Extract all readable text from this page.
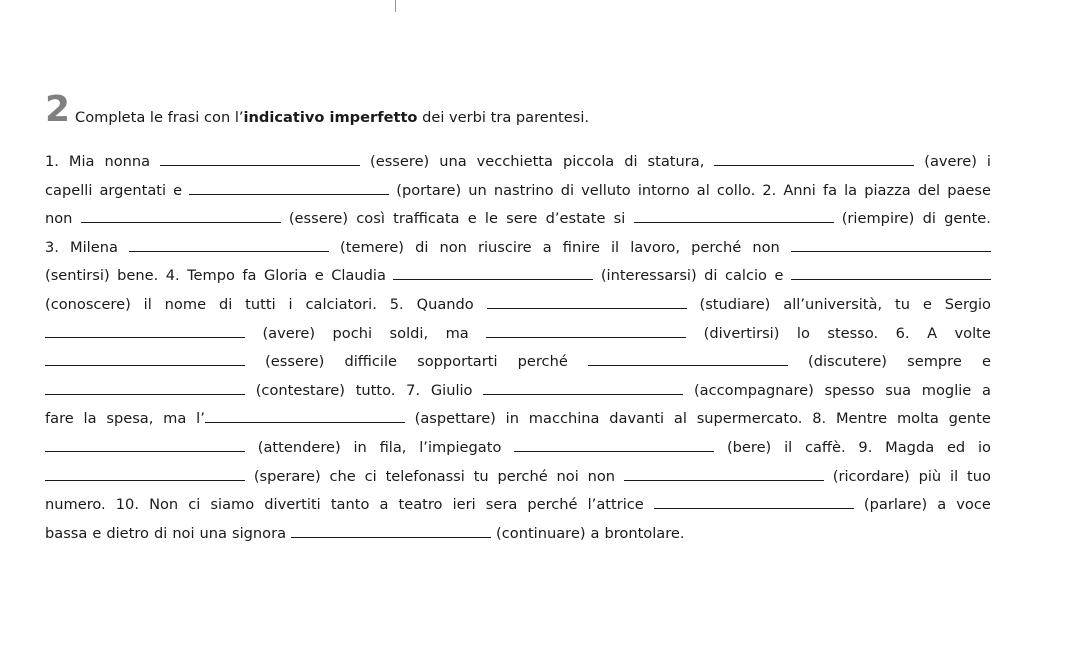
2 Completa le frasi con l’indicativo imperfetto dei verbi tra parentesi.
1. Mia nonna	(essere) una vecchietta piccola di statura,	(avere) i
capelli argentati e	(portare) un nastrino di velluto intorno al collo. 2. Anni fa la piazza del paese
non	(essere) così trafficata e le sere d’estate si	(riempire) di gente.
3. Milena	(temere) di non riuscire a finire il lavoro, perché non
(sentirsi) bene. 4. Tempo fa Gloria e Claudia	(interessarsi) di calcio e
(conoscere) il nome di tutti i calciatori. 5. Quando	(studiare) all’università, tu e Sergio
(avere) pochi soldi, ma	(divertirsi) lo stesso. 6. A volte
(essere) difficile sopportarti perché	(discutere) sempre e
(contestare) tutto. 7. Giulio	(accompagnare) spesso sua moglie a
fare la spesa, ma l’	(aspettare) in macchina davanti al supermercato. 8. Mentre molta gente
(attendere) in fila, l’impiegato	(bere) il caffè. 9. Magda ed io
(sperare) che ci telefonassi tu perché noi non	(ricordare) più il tuo
numero. 10. Non ci siamo divertiti tanto a teatro ieri sera perché l’attrice	(parlare) a voce
bassa e dietro di noi una signora	(continuare) a brontolare.
